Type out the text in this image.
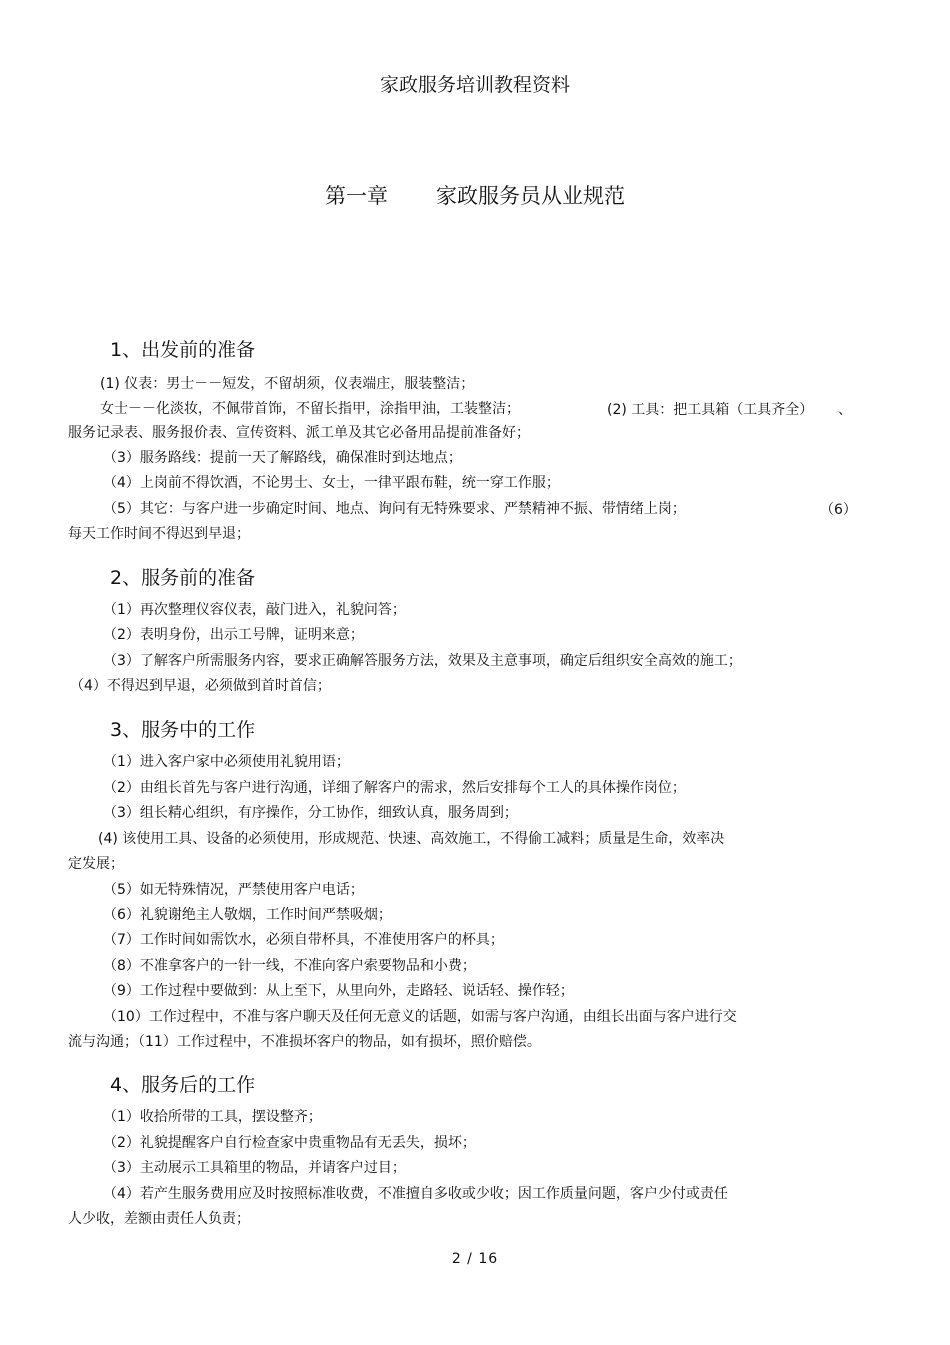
家政服务培训教程资料
第一章 家政服务员从业规范
1、出发前的准备
(1) 仪表：男士－－短发，不留胡须，仪表端庄，服装整洁；
女士－－化淡妆，不佩带首饰，不留长指甲，涂指甲油，工装整洁；	(2) 工具：把工具箱（工具齐全） 、
服务记录表、服务报价表、宣传资料、派工单及其它必备用品提前准备好；
（3）服务路线：提前一天了解路线，确保准时到达地点；
（4）上岗前不得饮酒，不论男士、女士，一律平跟布鞋，统一穿工作服；
（5）其它：与客户进一步确定时间、地点、询问有无特殊要求、严禁精神不振、带情绪上岗；	（6）
每天工作时间不得迟到早退；
2、服务前的准备
（1）再次整理仪容仪表，敲门进入，礼貌问答；
（2）表明身份，出示工号牌，证明来意；
（3）了解客户所需服务内容，要求正确解答服务方法，效果及主意事项，确定后组织安全高效的施工；
（4）不得迟到早退，必须做到首时首信；
3、服务中的工作
（1）进入客户家中必须使用礼貌用语；
（2）由组长首先与客户进行沟通，详细了解客户的需求，然后安排每个工人的具体操作岗位；
（3）组长精心组织，有序操作，分工协作，细致认真，服务周到；
(4) 该使用工具、设备的必须使用，形成规范、快速、高效施工，不得偷工减料；质量是生命，效率决
定发展；
（5）如无特殊情况，严禁使用客户电话；
（6）礼貌谢绝主人敬烟，工作时间严禁吸烟；
（7）工作时间如需饮水，必须自带杯具，不准使用客户的杯具；
（8）不准拿客户的一针一线，不准向客户索要物品和小费；
（9）工作过程中要做到：从上至下，从里向外，走路轻、说话轻、操作轻；
（10）工作过程中，不准与客户聊天及任何无意义的话题，如需与客户沟通，由组长出面与客户进行交
流与沟通；（11）工作过程中，不准损坏客户的物品，如有损坏，照价赔偿。
4、服务后的工作
（1）收拾所带的工具，摆设整齐；
（2）礼貌提醒客户自行检查家中贵重物品有无丢失，损坏；
（3）主动展示工具箱里的物品，并请客户过目；
（4）若产生服务费用应及时按照标准收费，不准擅自多收或少收；因工作质量问题，客户少付或责任
人少收，差额由责任人负责；
2 / 16
